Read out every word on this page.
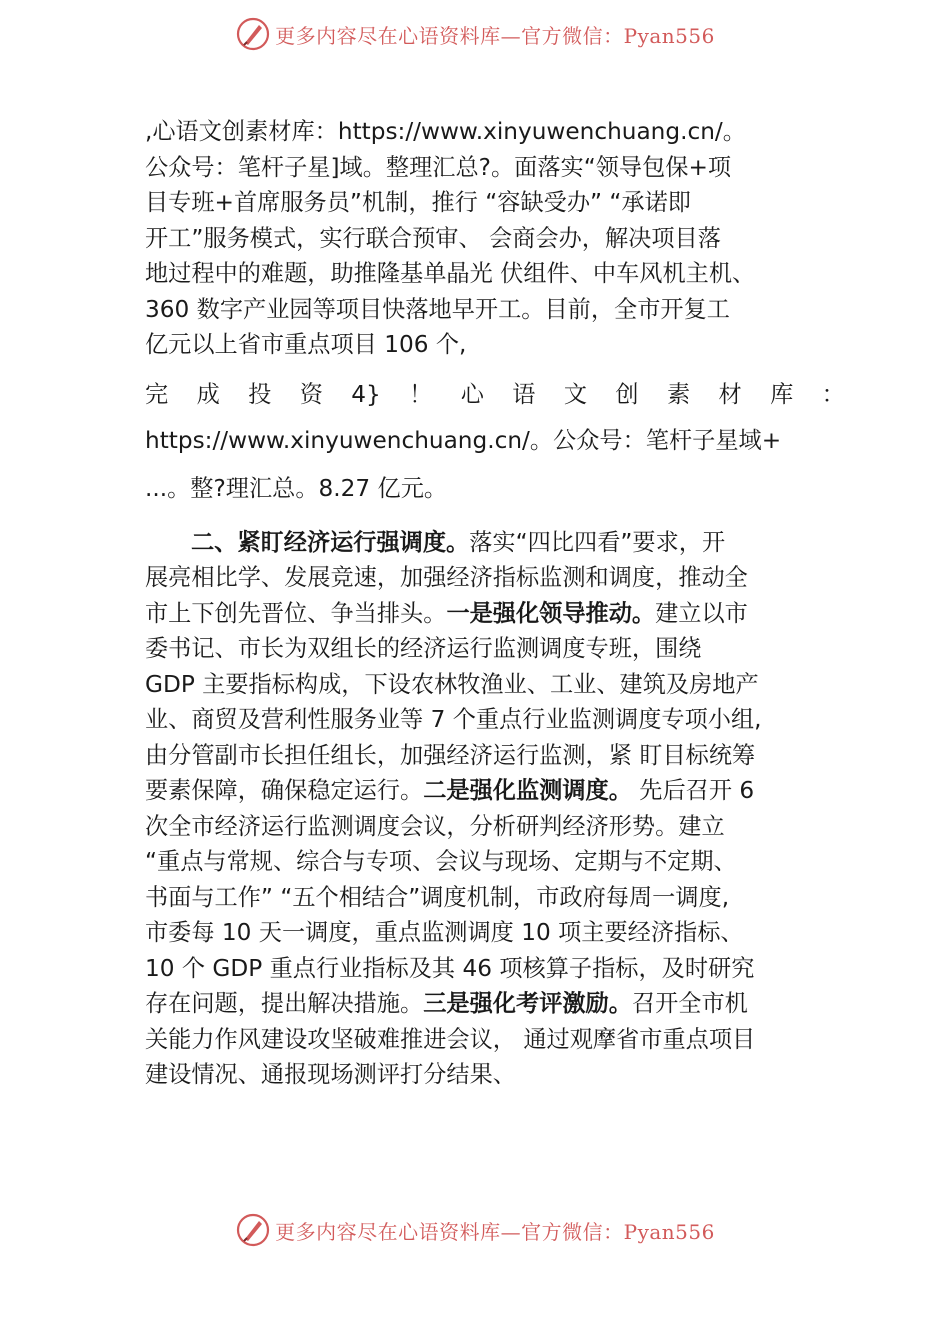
更多内容尽在心语资料库—官方微信：Pyan556

,心语文创素材库：https://www.xinyuwenchuang.cn/。

公众号：笔杆子星]域。整理汇总?。面落实“领导包保+项

目专班+首席服务员”机制，推行 “容缺受办” “承诺即

开工”服务模式，实行联合预审、 会商会办，解决项目落

地过程中的难题，助推隆基单晶光 伏组件、中车风机主机、

360 数字产业园等项目快落地早开工。目前，全市开复工

亿元以上省市重点项目 106 个,

完 成 投 资 4} ！ 心 语 文 创 素 材 库 ：

https://www.xinyuwenchuang.cn/。公众号：笔杆子星域+

...。整?理汇总。8.27 亿元。

二、紧盯经济运行强调度。落实“四比四看”要求，开

展亮相比学、发展竞速，加强经济指标监测和调度，推动全

市上下创先晋位、争当排头。一是强化领导推动。建立以市

委书记、市长为双组长的经济运行监测调度专班，围绕

GDP 主要指标构成，下设农林牧渔业、工业、建筑及房地产

业、商贸及营利性服务业等 7 个重点行业监测调度专项小组,

由分管副市长担任组长，加强经济运行监测，紧 盯目标统筹

要素保障，确保稳定运行。二是强化监测调度。 先后召开 6

次全市经济运行监测调度会议，分析研判经济形势。建立

“重点与常规、综合与专项、会议与现场、定期与不定期、

书面与工作” “五个相结合”调度机制，市政府每周一调度,

市委每 10 天一调度，重点监测调度 10 项主要经济指标、

10 个 GDP 重点行业指标及其 46 项核算子指标，及时研究

存在问题，提出解决措施。三是强化考评激励。召开全市机

关能力作风建设攻坚破难推进会议， 通过观摩省市重点项目

建设情况、通报现场测评打分结果、

更多内容尽在心语资料库—官方微信：Pyan556
